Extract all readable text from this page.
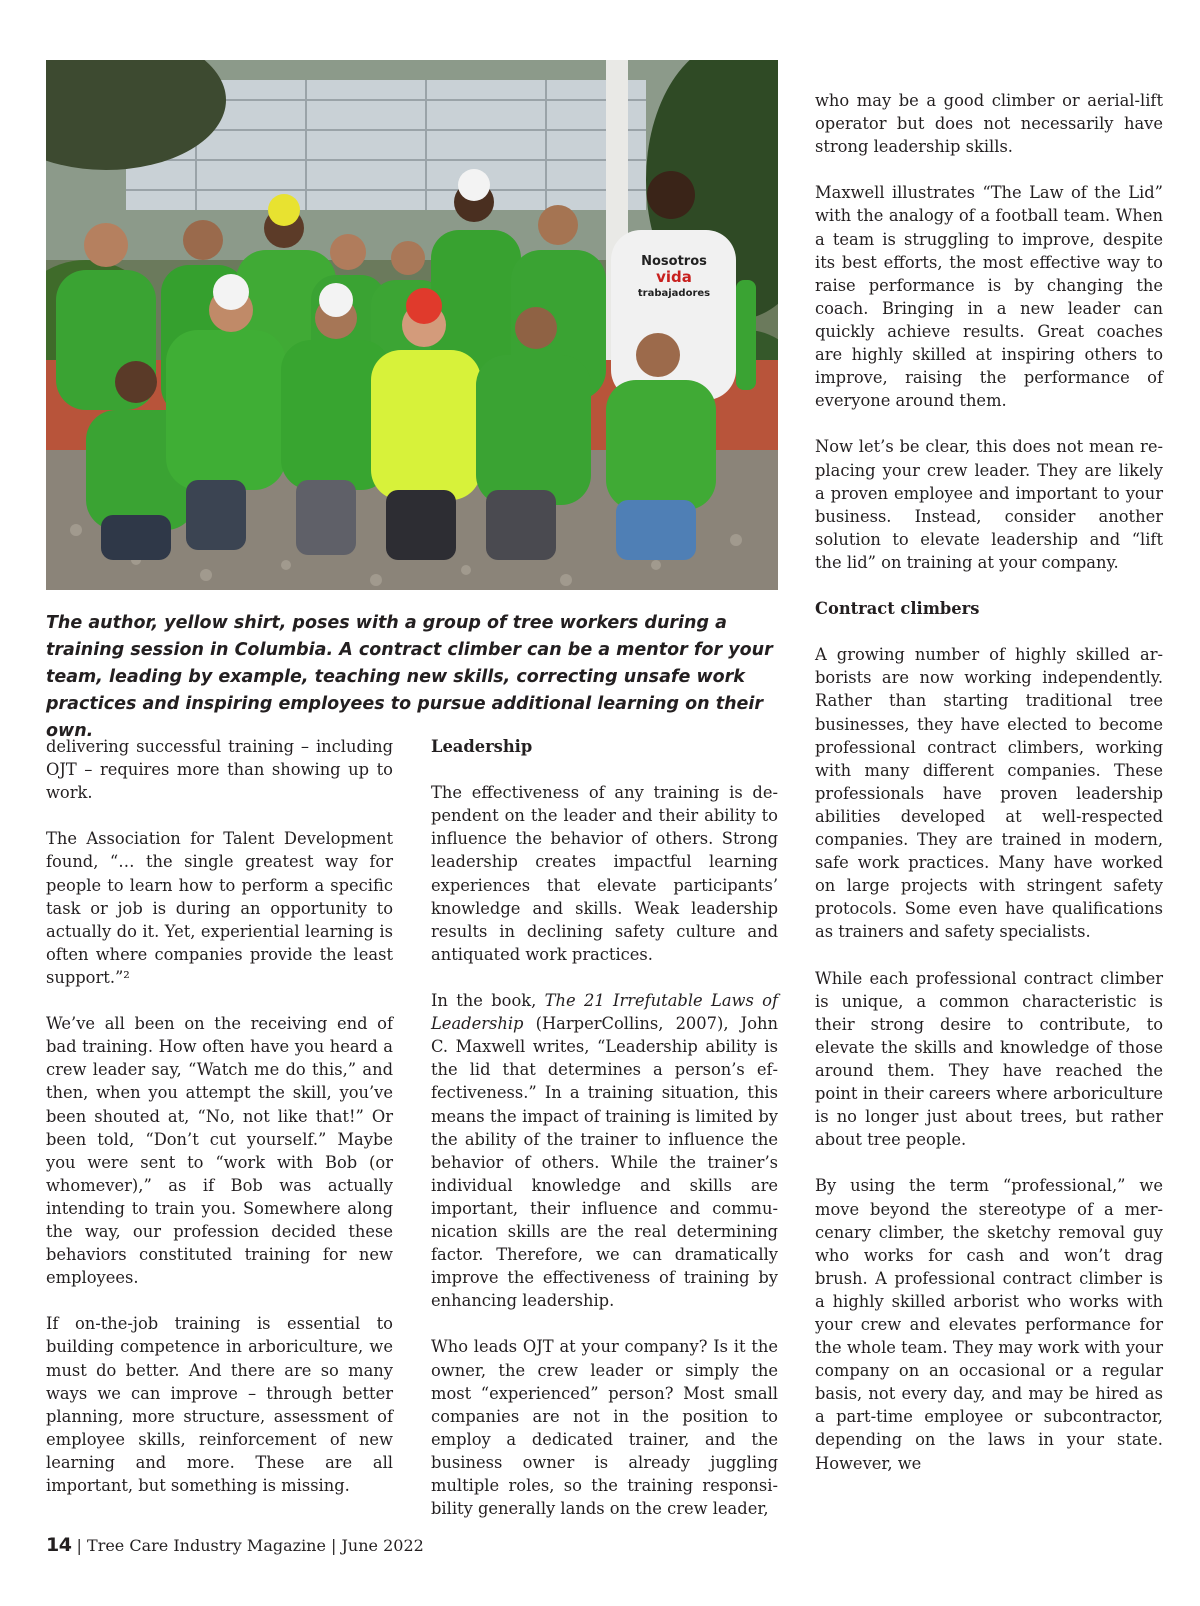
Nosotros
vida
trabajadores
The author, yellow shirt, poses with a group of tree workers during a training session in Columbia. A contract climber can be a mentor for your team, leading by example, teaching new skills, correcting unsafe work practices and inspiring employees to pursue additional learning on their own.

delivering successful training – including OJT – requires more than showing up to work.

The Association for Talent Development found, “… the single greatest way for people to learn how to perform a specific task or job is during an opportunity to actually do it. Yet, experiential learning is often where companies provide the least support.”²

We’ve all been on the receiving end of bad training. How often have you heard a crew leader say, “Watch me do this,” and then, when you attempt the skill, you’ve been shouted at, “No, not like that!” Or been told, “Don’t cut yourself.” Maybe you were sent to “work with Bob (or whomever),” as if Bob was actually intending to train you. Somewhere along the way, our profession decided these behaviors constituted training for new employees.

If on-the-job training is essential to building competence in arboriculture, we must do better. And there are so many ways we can improve – through better planning, more structure, assessment of employee skills, reinforcement of new learning and more. These are all important, but something is missing.

Leadership

The effectiveness of any training is dependent on the leader and their ability to influence the behavior of others. Strong leadership creates impactful learning experiences that elevate participants’ knowledge and skills. Weak leadership results in declining safety culture and antiquated work practices.

In the book, The 21 Irrefutable Laws of Leadership (HarperCollins, 2007), John C. Maxwell writes, “Leadership ability is the lid that determines a person’s effectiveness.” In a training situation, this means the impact of training is limited by the ability of the trainer to influence the behavior of others. While the trainer’s individual knowledge and skills are important, their influence and communication skills are the real determining factor. Therefore, we can dramatically improve the effectiveness of training by enhancing leadership.

Who leads OJT at your company? Is it the owner, the crew leader or simply the most “experienced” person? Most small companies are not in the position to employ a dedicated trainer, and the business owner is already juggling multiple roles, so the training responsibility generally lands on the crew leader,

who may be a good climber or aerial-lift operator but does not necessarily have strong leadership skills.

Maxwell illustrates “The Law of the Lid” with the analogy of a football team. When a team is struggling to improve, despite its best efforts, the most effective way to raise performance is by changing the coach. Bringing in a new leader can quickly achieve results. Great coaches are highly skilled at inspiring others to improve, raising the performance of everyone around them.

Now let’s be clear, this does not mean replacing your crew leader. They are likely a proven employee and important to your business. Instead, consider another solution to elevate leadership and “lift the lid” on training at your company.

Contract climbers

A growing number of highly skilled arborists are now working independently. Rather than starting traditional tree businesses, they have elected to become professional contract climbers, working with many different companies. These professionals have proven leadership abilities developed at well-respected companies. They are trained in modern, safe work practices. Many have worked on large projects with stringent safety protocols. Some even have qualifications as trainers and safety specialists.

While each professional contract climber is unique, a common characteristic is their strong desire to contribute, to elevate the skills and knowledge of those around them. They have reached the point in their careers where arboriculture is no longer just about trees, but rather about tree people.

By using the term “professional,” we move beyond the stereotype of a mercenary climber, the sketchy removal guy who works for cash and won’t drag brush. A professional contract climber is a highly skilled arborist who works with your crew and elevates performance for the whole team. They may work with your company on an occasional or a regular basis, not every day, and may be hired as a part-time employee or subcontractor, depending on the laws in your state. However, we

14 | Tree Care Industry Magazine | June 2022
